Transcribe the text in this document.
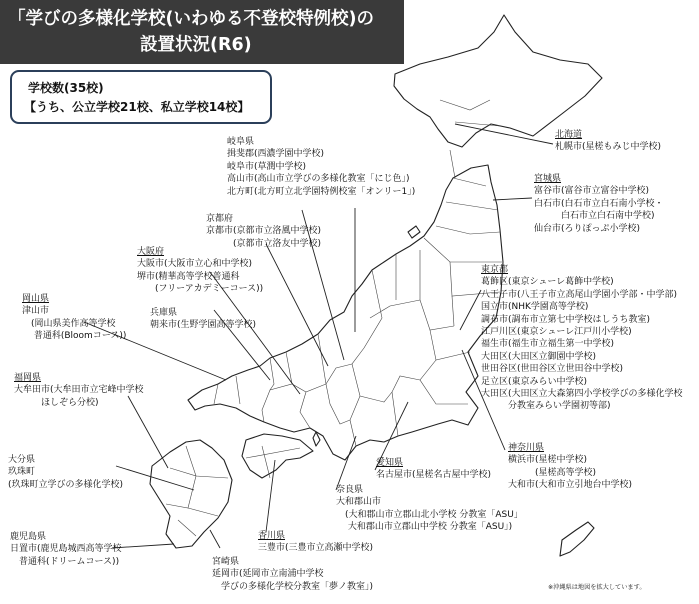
「学びの多様化学校(いわゆる不登校特例校)の
設置状況(R6)
学校数(35校)
【うち、公立学校21校、私立学校14校】
北海道
札幌市(星槎もみじ中学校)
宮城県
富谷市(富谷市立富谷中学校)
白石市(白石市立白石南小学校・
　　　白石市立白石南中学校)
仙台市(ろりぽっぷ小学校)
東京都
葛飾区(東京シューレ葛飾中学校)
八王子市(八王子市立高尾山学園小学部・中学部)
国立市(NHK学園高等学校)
調布市(調布市立第七中学校はしうち教室)
江戸川区(東京シューレ江戸川小学校)
福生市(福生市立福生第一中学校)
大田区(大田区立御園中学校)
世田谷区(世田谷区立世田谷中学校)
足立区(東京みらい中学校)
大田区(大田区立大森第四小学校学びの多様化学校
　　　分教室みらい学園初等部)
神奈川県
横浜市(星槎中学校)
　　　(星槎高等学校)
大和市(大和市立引地台中学校)
愛知県
名古屋市(星槎名古屋中学校)
奈良県
大和郡山市
　(大和郡山市立郡山北小学校 分教室「ASU」
　 大和郡山市立郡山中学校 分教室「ASU」)
香川県
三豊市(三豊市立高瀬中学校)
宮崎県
延岡市(延岡市立南浦中学校
　学びの多様化学校分教室「夢ノ教室」)
岐阜県
揖斐郡(西濃学園中学校)
岐阜市(草潤中学校)
高山市(高山市立学びの多様化教室「にじ色」)
北方町(北方町立北学園特例校室「オンリー1」)
京都府
京都市(京都市立洛風中学校)
　　　(京都市立洛友中学校)
大阪府
大阪市(大阪市立心和中学校)
堺市(精華高等学校普通科
　　(フリーアカデミーコース))
兵庫県
朝来市(生野学園高等学校)
岡山県
津山市
　(岡山県美作高等学校
　 普通科(Bloomコース))
福岡県
大牟田市(大牟田市立宅峰中学校
　　　ほしぞら分校)
大分県
玖珠町
(玖珠町立学びの多様化学校)
鹿児島県
日置市(鹿児島城西高等学校
　普通科(ドリームコース))
※沖縄県は地図を拡大しています。
